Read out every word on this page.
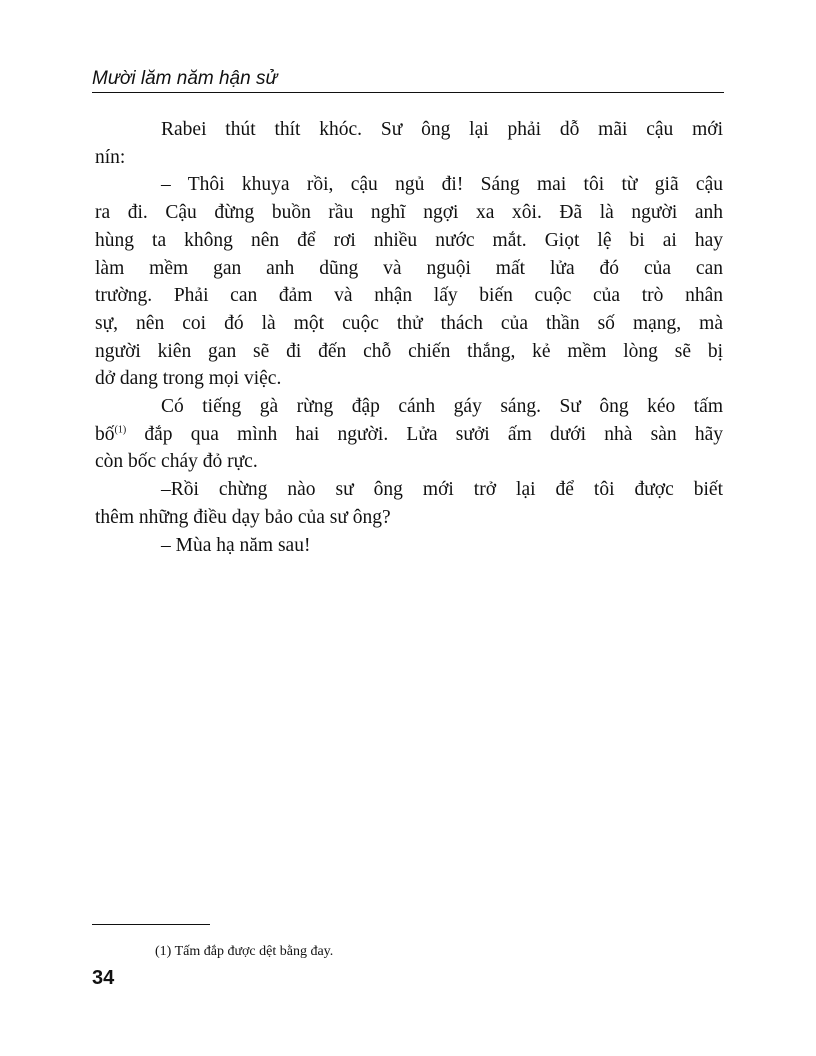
Mười lăm năm hận sử

Rabei thút thít khóc. Sư ông lại phải dỗ mãi cậu mới
nín:

– Thôi khuya rồi, cậu ngủ đi! Sáng mai tôi từ giã cậu
ra đi. Cậu đừng buồn rầu nghĩ ngợi xa xôi. Đã là người anh
hùng ta không nên để rơi nhiều nước mắt. Giọt lệ bi ai hay
làm mềm gan anh dũng và nguội mất lửa đó của can
trường. Phải can đảm và nhận lấy biến cuộc của trò nhân
sự, nên coi đó là một cuộc thử thách của thần số mạng, mà
người kiên gan sẽ đi đến chỗ chiến thắng, kẻ mềm lòng sẽ bị
dở dang trong mọi việc.

Có tiếng gà rừng đập cánh gáy sáng. Sư ông kéo tấm
bố$^{(1)}$ đắp qua mình hai người. Lửa sưởi ấm dưới nhà sàn hãy
còn bốc cháy đỏ rực.

–Rồi chừng nào sư ông mới trở lại để tôi được biết
thêm những điều dạy bảo của sư ông?

– Mùa hạ năm sau!

(1) Tấm đắp được dệt bằng đay.
34
